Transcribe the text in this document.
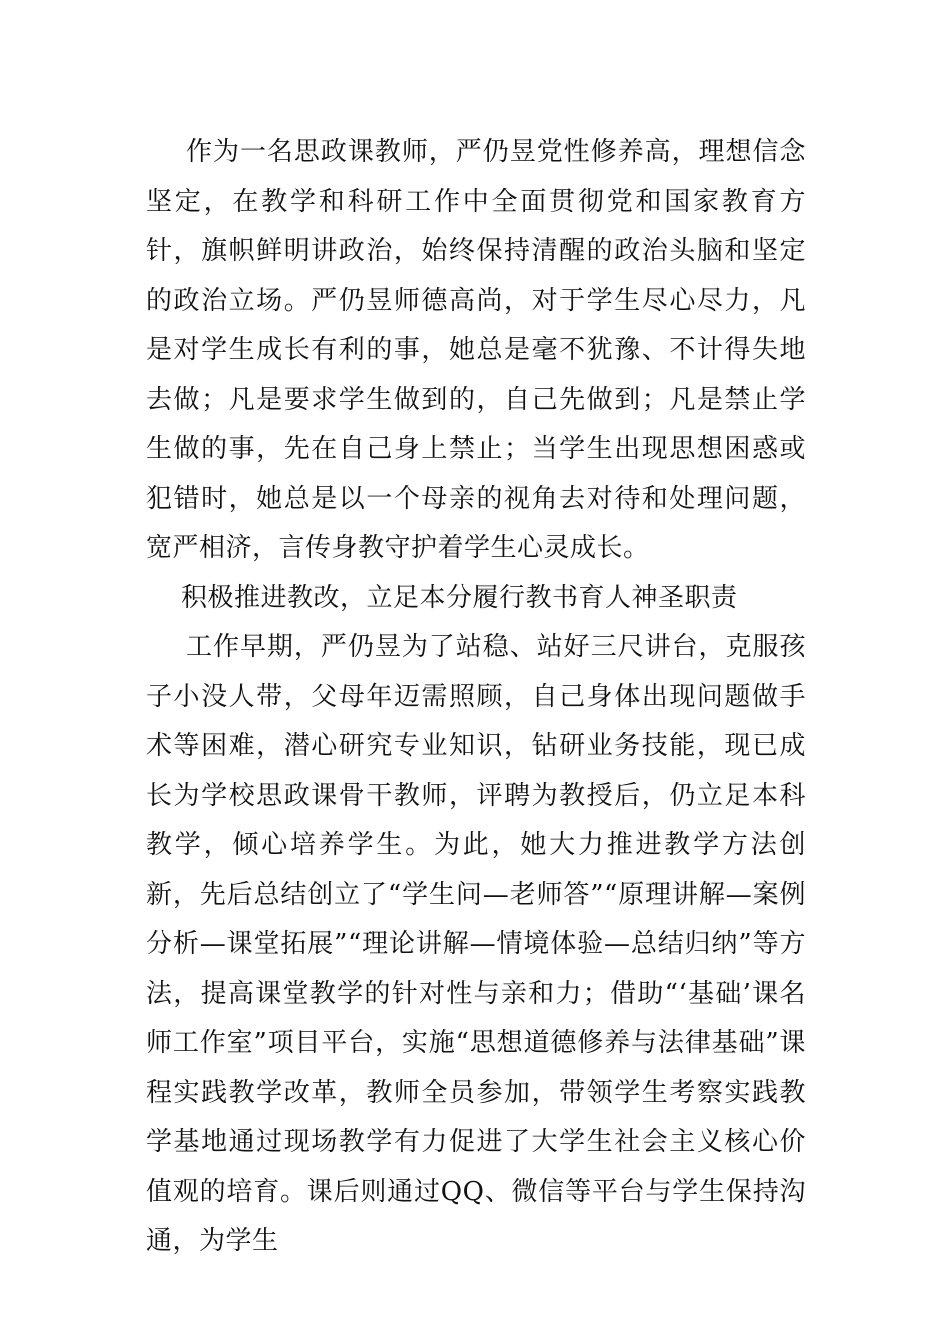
作为一名思政课教师，严仍昱党性修养高，理想信念坚定，在教学和科研工作中全面贯彻党和国家教育方针，旗帜鲜明讲政治，始终保持清醒的政治头脑和坚定的政治立场。严仍昱师德高尚，对于学生尽心尽力，凡是对学生成长有利的事，她总是毫不犹豫、不计得失地去做；凡是要求学生做到的，自己先做到；凡是禁止学生做的事，先在自己身上禁止；当学生出现思想困惑或犯错时，她总是以一个母亲的视角去对待和处理问题，宽严相济，言传身教守护着学生心灵成长。

积极推进教改，立足本分履行教书育人神圣职责

工作早期，严仍昱为了站稳、站好三尺讲台，克服孩子小没人带，父母年迈需照顾，自己身体出现问题做手术等困难，潜心研究专业知识，钻研业务技能，现已成长为学校思政课骨干教师，评聘为教授后，仍立足本科教学，倾心培养学生。为此，她大力推进教学方法创新，先后总结创立了“学生问—老师答”“原理讲解—案例分析—课堂拓展”“理论讲解—情境体验—总结归纳”等方法，提高课堂教学的针对性与亲和力；借助“‘基础’课名师工作室”项目平台，实施“思想道德修养与法律基础”课程实践教学改革，教师全员参加，带领学生考察实践教学基地通过现场教学有力促进了大学生社会主义核心价值观的培育。课后则通过QQ、微信等平台与学生保持沟通，为学生
